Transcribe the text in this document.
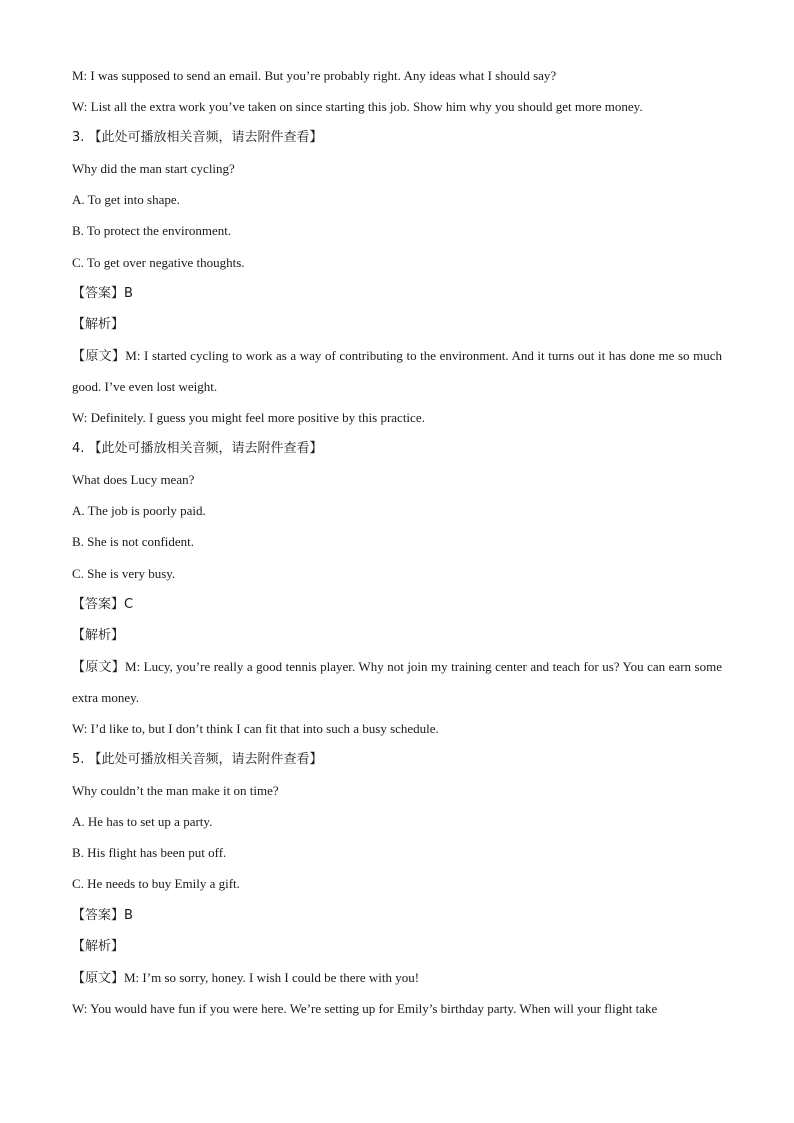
M: I was supposed to send an email. But you’re probably right. Any ideas what I should say?
W: List all the extra work you’ve taken on since starting this job. Show him why you should get more money.
3. 【此处可播放相关音频，请去附件查看】
Why did the man start cycling?
A. To get into shape.
B. To protect the environment.
C. To get over negative thoughts.
【答案】B
【解析】
【原文】M: I started cycling to work as a way of contributing to the environment. And it turns out it has done me so much good. I’ve even lost weight.
W: Definitely. I guess you might feel more positive by this practice.
4. 【此处可播放相关音频，请去附件查看】
What does Lucy mean?
A. The job is poorly paid.
B. She is not confident.
C. She is very busy.
【答案】C
【解析】
【原文】M: Lucy, you’re really a good tennis player. Why not join my training center and teach for us? You can earn some extra money.
W: I’d like to, but I don’t think I can fit that into such a busy schedule.
5. 【此处可播放相关音频，请去附件查看】
Why couldn’t the man make it on time?
A. He has to set up a party.
B. His flight has been put off.
C. He needs to buy Emily a gift.
【答案】B
【解析】
【原文】M: I’m so sorry, honey. I wish I could be there with you!
W: You would have fun if you were here. We’re setting up for Emily’s birthday party. When will your flight take
